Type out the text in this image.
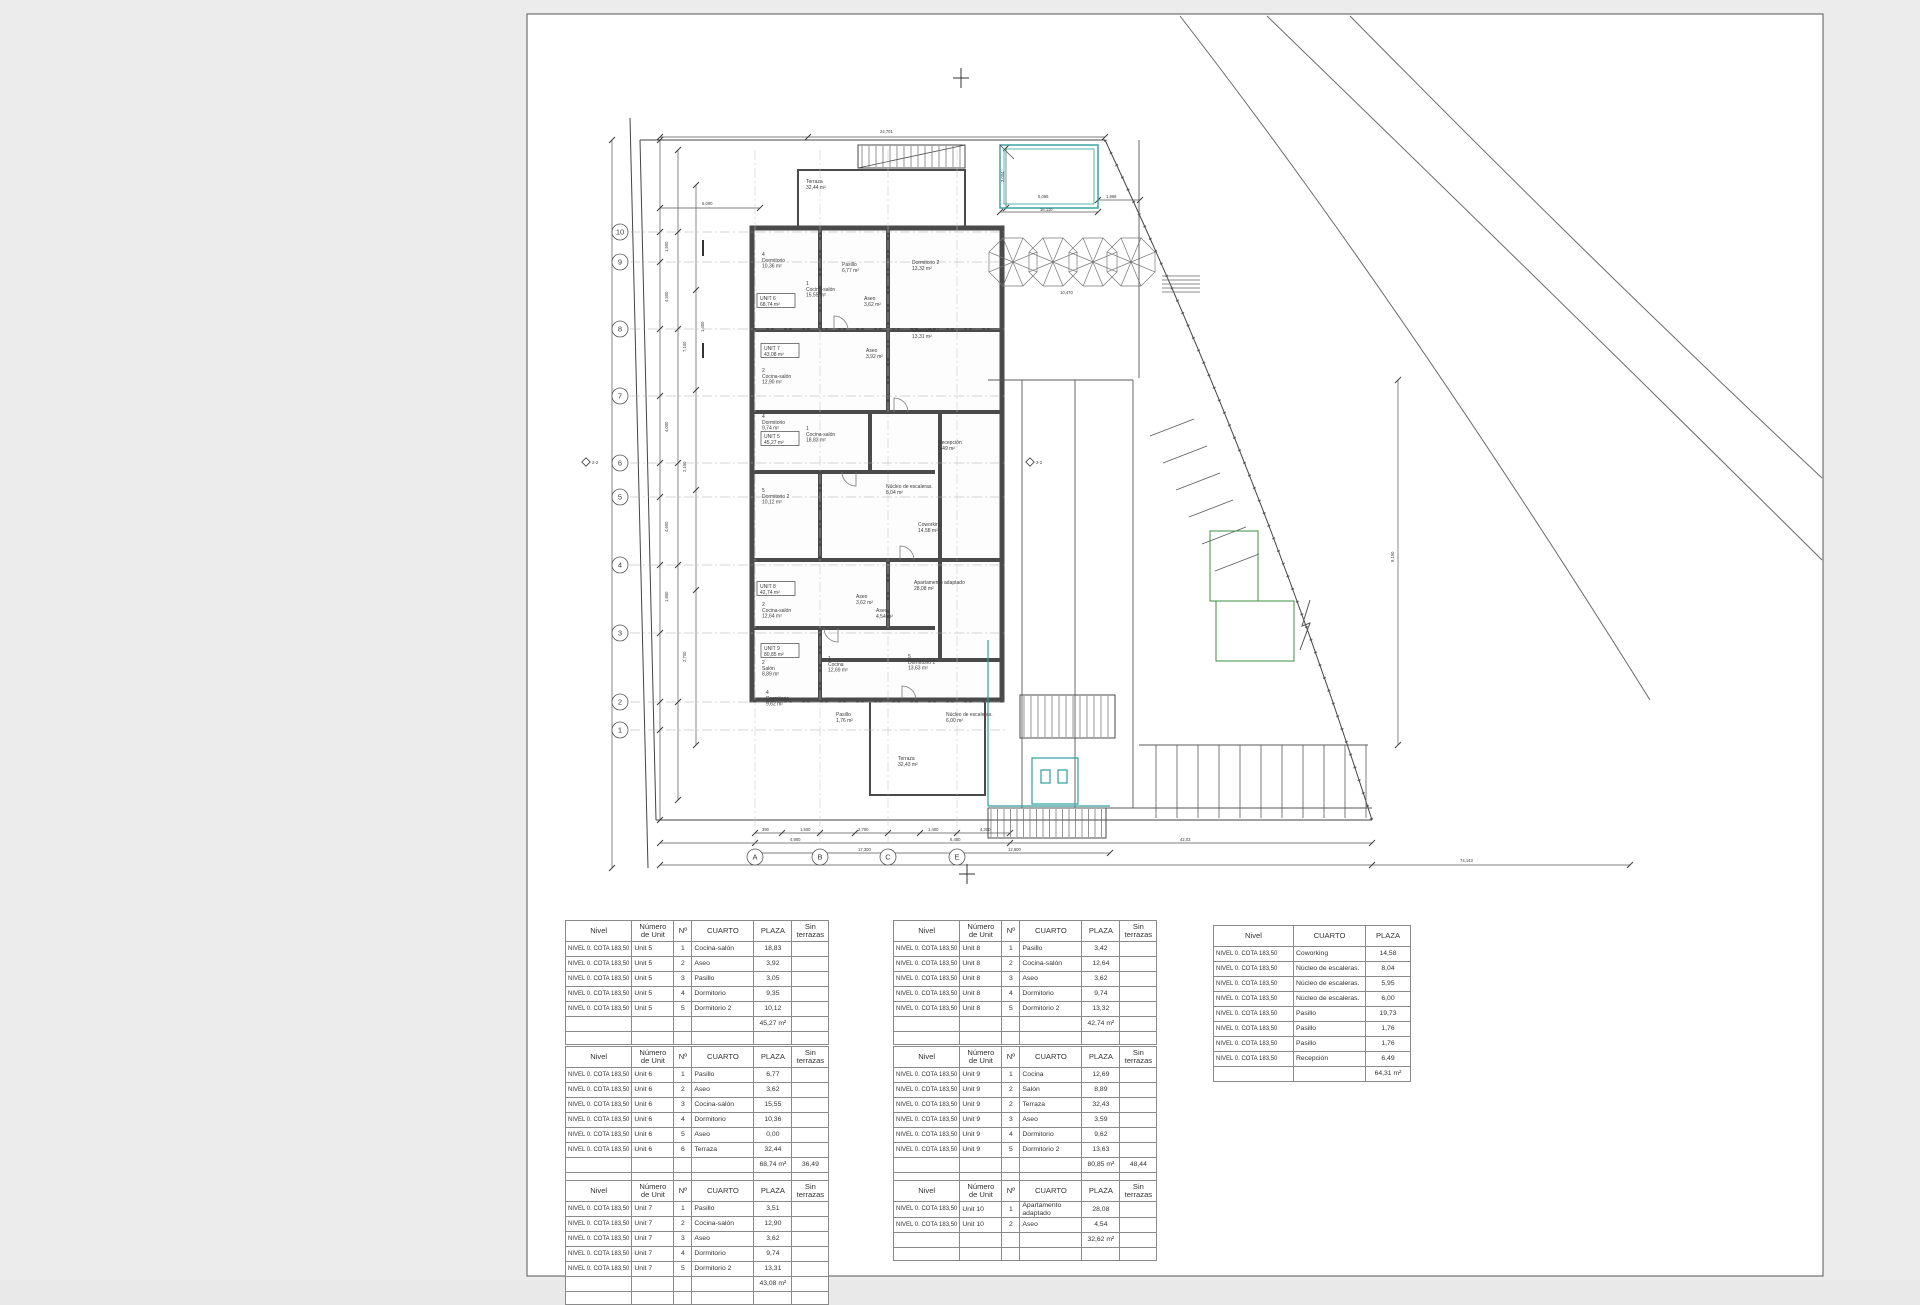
10
9
8
7
6
5
4
3
2
1
A	B	C	E
Terraza 32,44 m²
4 Dormitorio 10,36 m²
1 Cocina-salón 15,55 m²
Pasillo 6,77 m²
Aseo 3,62 m²
Dormitorio 2 13,32 m²
UNIT 6 68,74 m²
UNIT 7 43,08 m²
2 Cocina-salón 12,90 m²
Aseo 3,92 m²
Dormitorio 2 13,31 m²
4 Dormitorio 9,74 m²
UNIT 5 45,27 m²
1 Cocina-salón 18,83 m²	Recepción 6,49 m²
Núcleo de escaleras. 8,04 m²
Coworking 14,58 m²
5 Dormitorio 2 10,12 m²
Apartamento adaptado 28,08 m²
Aseo 4,54 m²
UNIT 8 42,74 m²
2 Cocina-salón 12,64 m²
Aseo 3,62 m²
UNIT 9 80,85 m²
2 Salón 8,89 m²
1 Cocina 12,69 m²
5 Dormitorio 2 13,63 m²
4 Dormitorio 9,62 m²
Pasillo 1,76 m²
Núcleo de escaleras. 6,00 m²
Terraza 32,43 m²
24,701
5,000
5,065	1,868
16,110
10,470
3,004
1,500
4,500
4,000
4,600
1,850
7,100
2,150
2,700
1,400
9,150
390	1,500	2,700	1,400	4,300
4,900	6,400
17,300	12,500
42,03
74,143
2-2	2-2
Nivel	Número de Unit	Nº	CUARTO	PLAZA	Sin terrazas
NIVEL 0. COTA 183,50	Unit 5	1	Cocina-salón	18,83	
NIVEL 0. COTA 183,50	Unit 5	2	Aseo	3,92	
NIVEL 0. COTA 183,50	Unit 5	3	Pasillo	3,05	
NIVEL 0. COTA 183,50	Unit 5	4	Dormitorio	9,35	
NIVEL 0. COTA 183,50	Unit 5	5	Dormitorio 2	10,12	
				45,27 m²	

Nivel	Número de Unit	Nº	CUARTO	PLAZA	Sin terrazas
NIVEL 0. COTA 183,50	Unit 6	1	Pasillo	6,77	
NIVEL 0. COTA 183,50	Unit 6	2	Aseo	3,62	
NIVEL 0. COTA 183,50	Unit 6	3	Cocina-salón	15,55	
NIVEL 0. COTA 183,50	Unit 6	4	Dormitorio	10,36	
NIVEL 0. COTA 183,50	Unit 6	5	Aseo	0,00	
NIVEL 0. COTA 183,50	Unit 6	6	Terraza	32,44	
				68,74 m²	36,49

Nivel	Número de Unit	Nº	CUARTO	PLAZA	Sin terrazas
NIVEL 0. COTA 183,50	Unit 7	1	Pasillo	3,51	
NIVEL 0. COTA 183,50	Unit 7	2	Cocina-salón	12,90	
NIVEL 0. COTA 183,50	Unit 7	3	Aseo	3,62	
NIVEL 0. COTA 183,50	Unit 7	4	Dormitorio	9,74	
NIVEL 0. COTA 183,50	Unit 7	5	Dormitorio 2	13,31	
				43,08 m²	

Nivel	Número de Unit	Nº	CUARTO	PLAZA	Sin terrazas
NIVEL 0. COTA 183,50	Unit 8	1	Pasillo	3,42	
NIVEL 0. COTA 183,50	Unit 8	2	Cocina-salón	12,64	
NIVEL 0. COTA 183,50	Unit 8	3	Aseo	3,62	
NIVEL 0. COTA 183,50	Unit 8	4	Dormitorio	9,74	
NIVEL 0. COTA 183,50	Unit 8	5	Dormitorio 2	13,32	
				42,74 m²	

Nivel	Número de Unit	Nº	CUARTO	PLAZA	Sin terrazas
NIVEL 0. COTA 183,50	Unit 9	1	Cocina	12,69	
NIVEL 0. COTA 183,50	Unit 9	2	Salón	8,89	
NIVEL 0. COTA 183,50	Unit 9	2	Terraza	32,43	
NIVEL 0. COTA 183,50	Unit 9	3	Aseo	3,59	
NIVEL 0. COTA 183,50	Unit 9	4	Dormitorio	9,62	
NIVEL 0. COTA 183,50	Unit 9	5	Dormitorio 2	13,63	
				80,85 m²	48,44

Nivel	Número de Unit	Nº	CUARTO	PLAZA	Sin terrazas
NIVEL 0. COTA 183,50	Unit 10	1	Apartamento adaptado	28,08	
NIVEL 0. COTA 183,50	Unit 10	2	Aseo	4,54	
				32,62 m²	

Nivel	CUARTO	PLAZA
NIVEL 0. COTA 183,50	Coworking	14,58
NIVEL 0. COTA 183,50	Núcleo de escaleras.	8,04
NIVEL 0. COTA 183,50	Núcleo de escaleras.	5,95
NIVEL 0. COTA 183,50	Núcleo de escaleras.	6,00
NIVEL 0. COTA 183,50	Pasillo	19,73
NIVEL 0. COTA 183,50	Pasillo	1,76
NIVEL 0. COTA 183,50	Pasillo	1,76
NIVEL 0. COTA 183,50	Recepción	6,49
		64,31 m²
